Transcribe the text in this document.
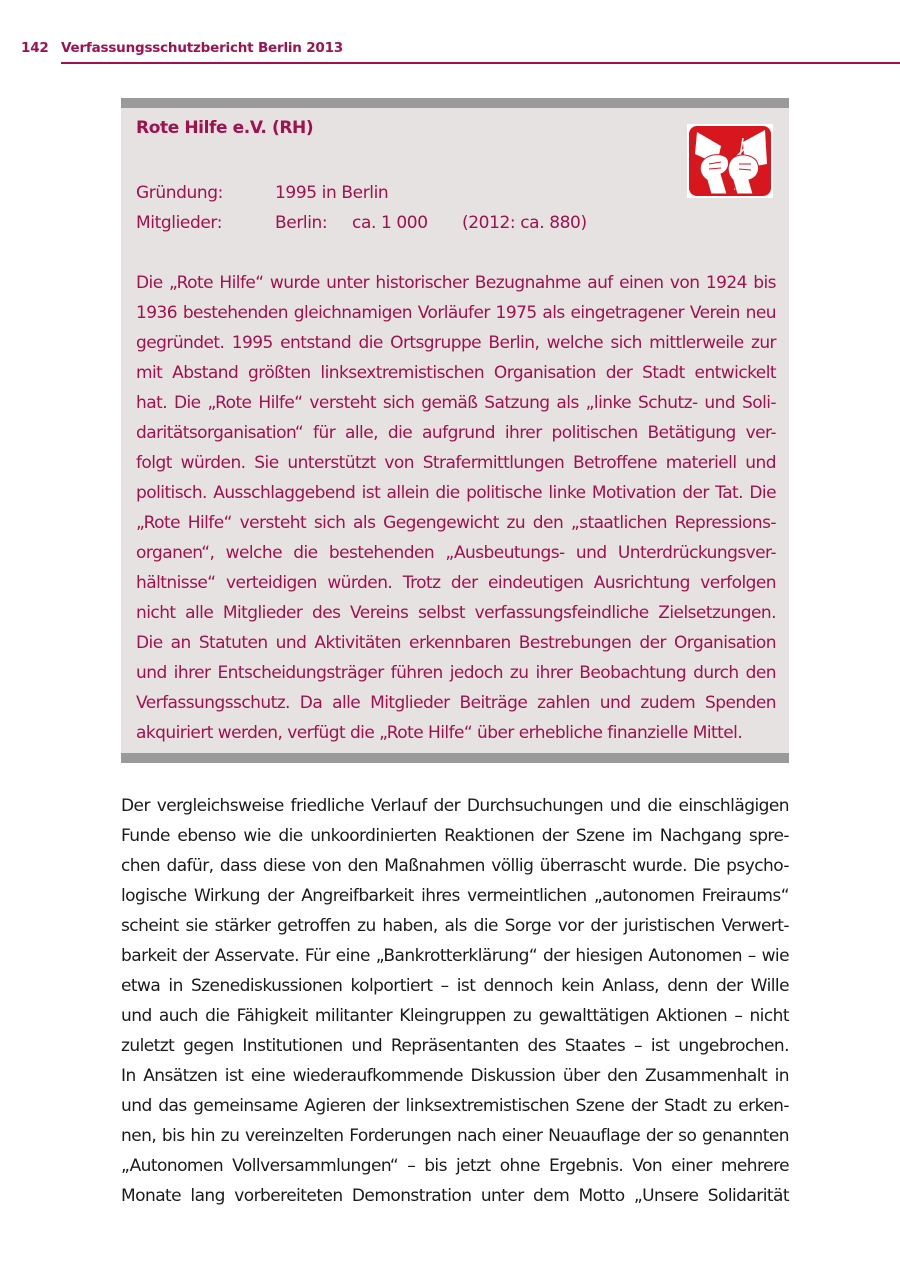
142 Verfassungsschutzbericht Berlin 2013
Rote Hilfe e.V. (RH)
Gründung:	1995 in Berlin
Mitglieder:	Berlin:	ca. 1 000	(2012: ca. 880)
Die „Rote Hilfe“ wurde unter historischer Bezugnahme auf einen von 1924 bis
1936 bestehenden gleichnamigen Vorläufer 1975 als eingetragener Verein neu
gegründet. 1995 entstand die Ortsgruppe Berlin, welche sich mittlerweile zur
mit Abstand größten linksextremistischen Organisation der Stadt entwickelt
hat. Die „Rote Hilfe“ versteht sich gemäß Satzung als „linke Schutz- und Soli-
daritätsorganisation“ für alle, die aufgrund ihrer politischen Betätigung ver-
folgt würden. Sie unterstützt von Strafermittlungen Betroffene materiell und
politisch. Ausschlaggebend ist allein die politische linke Motivation der Tat. Die
„Rote Hilfe“ versteht sich als Gegengewicht zu den „staatlichen Repressions-
organen“, welche die bestehenden „Ausbeutungs- und Unterdrückungsver-
hältnisse“ verteidigen würden. Trotz der eindeutigen Ausrichtung verfolgen
nicht alle Mitglieder des Vereins selbst verfassungsfeindliche Zielsetzungen.
Die an Statuten und Aktivitäten erkennbaren Bestrebungen der Organisation
und ihrer Entscheidungsträger führen jedoch zu ihrer Beobachtung durch den
Verfassungsschutz. Da alle Mitglieder Beiträge zahlen und zudem Spenden
akquiriert werden, verfügt die „Rote Hilfe“ über erhebliche finanzielle Mittel.
Der vergleichsweise friedliche Verlauf der Durchsuchungen und die einschlägigen
Funde ebenso wie die unkoordinierten Reaktionen der Szene im Nachgang spre-
chen dafür, dass diese von den Maßnahmen völlig überrascht wurde. Die psycho-
logische Wirkung der Angreifbarkeit ihres vermeintlichen „autonomen Freiraums“
scheint sie stärker getroffen zu haben, als die Sorge vor der juristischen Verwert-
barkeit der Asservate. Für eine „Bankrotterklärung“ der hiesigen Autonomen – wie
etwa in Szenediskussionen kolportiert – ist dennoch kein Anlass, denn der Wille
und auch die Fähigkeit militanter Kleingruppen zu gewalttätigen Aktionen – nicht
zuletzt gegen Institutionen und Repräsentanten des Staates – ist ungebrochen.
In Ansätzen ist eine wiederaufkommende Diskussion über den Zusammenhalt in
und das gemeinsame Agieren der linksextremistischen Szene der Stadt zu erken-
nen, bis hin zu vereinzelten Forderungen nach einer Neuauflage der so genannten
„Autonomen Vollversammlungen“ – bis jetzt ohne Ergebnis. Von einer mehrere
Monate lang vorbereiteten Demonstration unter dem Motto „Unsere Solidarität
